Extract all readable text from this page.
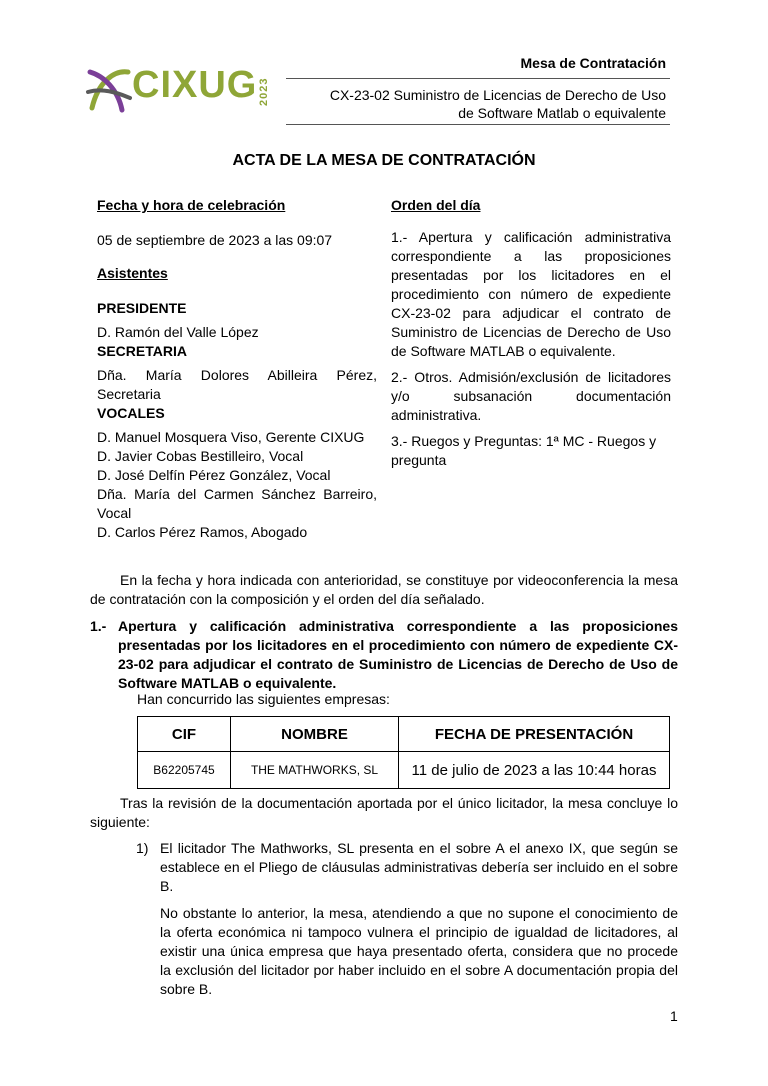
Mesa de Contratación
CX-23-02 Suministro de Licencias de Derecho de Uso
de Software Matlab o equivalente
CIXUG 2023
ACTA DE LA MESA DE CONTRATACIÓN
Fecha y hora de celebración
05 de septiembre de 2023 a las 09:07
Asistentes
PRESIDENTE
D. Ramón del Valle López
SECRETARIA
Dña. María Dolores Abilleira Pérez, Secretaria
VOCALES
D. Manuel Mosquera Viso, Gerente CIXUG
D. Javier Cobas Bestilleiro, Vocal
D. José Delfín Pérez González, Vocal
Dña. María del Carmen Sánchez Barreiro, Vocal
D. Carlos Pérez Ramos, Abogado
Orden del día
1.- Apertura y calificación administrativa correspondiente a las proposiciones presentadas por los licitadores en el procedimiento con número de expediente CX-23-02 para adjudicar el contrato de Suministro de Licencias de Derecho de Uso de Software MATLAB o equivalente.
2.- Otros. Admisión/exclusión de licitadores y/o subsanación documentación administrativa.
3.- Ruegos y Preguntas: 1ª MC - Ruegos y pregunta
En la fecha y hora indicada con anterioridad, se constituye por videoconferencia la mesa de contratación con la composición y el orden del día señalado.
1.- Apertura y calificación administrativa correspondiente a las proposiciones presentadas por los licitadores en el procedimiento con número de expediente CX-23-02 para adjudicar el contrato de Suministro de Licencias de Derecho de Uso de Software MATLAB o equivalente.
Han concurrido las siguientes empresas:
CIF	NOMBRE	FECHA DE PRESENTACIÓN
B62205745	THE MATHWORKS, SL	11 de julio de 2023 a las 10:44 horas
Tras la revisión de la documentación aportada por el único licitador, la mesa concluye lo siguiente:
1) El licitador The Mathworks, SL presenta en el sobre A el anexo IX, que según se establece en el Pliego de cláusulas administrativas debería ser incluido en el sobre B.
No obstante lo anterior, la mesa, atendiendo a que no supone el conocimiento de la oferta económica ni tampoco vulnera el principio de igualdad de licitadores, al existir una única empresa que haya presentado oferta, considera que no procede la exclusión del licitador por haber incluido en el sobre A documentación propia del sobre B.
1
